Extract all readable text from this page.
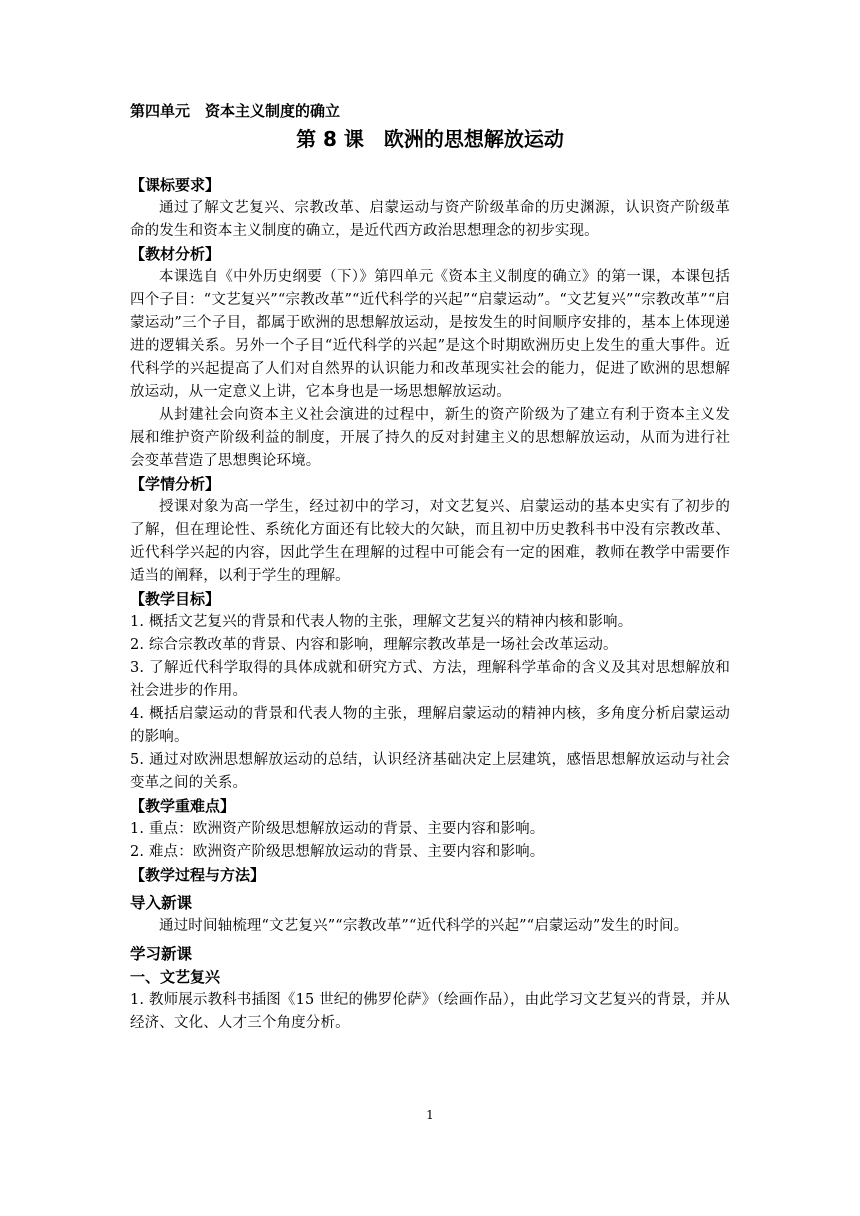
第四单元　资本主义制度的确立

第 8 课　欧洲的思想解放运动

【课标要求】

通过了解文艺复兴、宗教改革、启蒙运动与资产阶级革命的历史渊源，认识资产阶级革命的发生和资本主义制度的确立，是近代西方政治思想理念的初步实现。

【教材分析】

本课选自《中外历史纲要（下）》第四单元《资本主义制度的确立》的第一课，本课包括四个子目：“文艺复兴”“宗教改革”“近代科学的兴起”“启蒙运动”。“文艺复兴”“宗教改革”“启蒙运动”三个子目，都属于欧洲的思想解放运动，是按发生的时间顺序安排的，基本上体现递进的逻辑关系。另外一个子目“近代科学的兴起”是这个时期欧洲历史上发生的重大事件。近代科学的兴起提高了人们对自然界的认识能力和改革现实社会的能力，促进了欧洲的思想解放运动，从一定意义上讲，它本身也是一场思想解放运动。

从封建社会向资本主义社会演进的过程中，新生的资产阶级为了建立有利于资本主义发展和维护资产阶级利益的制度，开展了持久的反对封建主义的思想解放运动，从而为进行社会变革营造了思想舆论环境。

【学情分析】

授课对象为高一学生，经过初中的学习，对文艺复兴、启蒙运动的基本史实有了初步的了解，但在理论性、系统化方面还有比较大的欠缺，而且初中历史教科书中没有宗教改革、近代科学兴起的内容，因此学生在理解的过程中可能会有一定的困难，教师在教学中需要作适当的阐释，以利于学生的理解。

【教学目标】

1. 概括文艺复兴的背景和代表人物的主张，理解文艺复兴的精神内核和影响。

2. 综合宗教改革的背景、内容和影响，理解宗教改革是一场社会改革运动。

3. 了解近代科学取得的具体成就和研究方式、方法，理解科学革命的含义及其对思想解放和社会进步的作用。

4. 概括启蒙运动的背景和代表人物的主张，理解启蒙运动的精神内核，多角度分析启蒙运动的影响。

5. 通过对欧洲思想解放运动的总结，认识经济基础决定上层建筑，感悟思想解放运动与社会变革之间的关系。

【教学重难点】

1. 重点：欧洲资产阶级思想解放运动的背景、主要内容和影响。

2. 难点：欧洲资产阶级思想解放运动的背景、主要内容和影响。

【教学过程与方法】

导入新课

通过时间轴梳理“文艺复兴”“宗教改革”“近代科学的兴起”“启蒙运动”发生的时间。

学习新课

一、文艺复兴

1. 教师展示教科书插图《15 世纪的佛罗伦萨》（绘画作品），由此学习文艺复兴的背景，并从经济、文化、人才三个角度分析。

1
